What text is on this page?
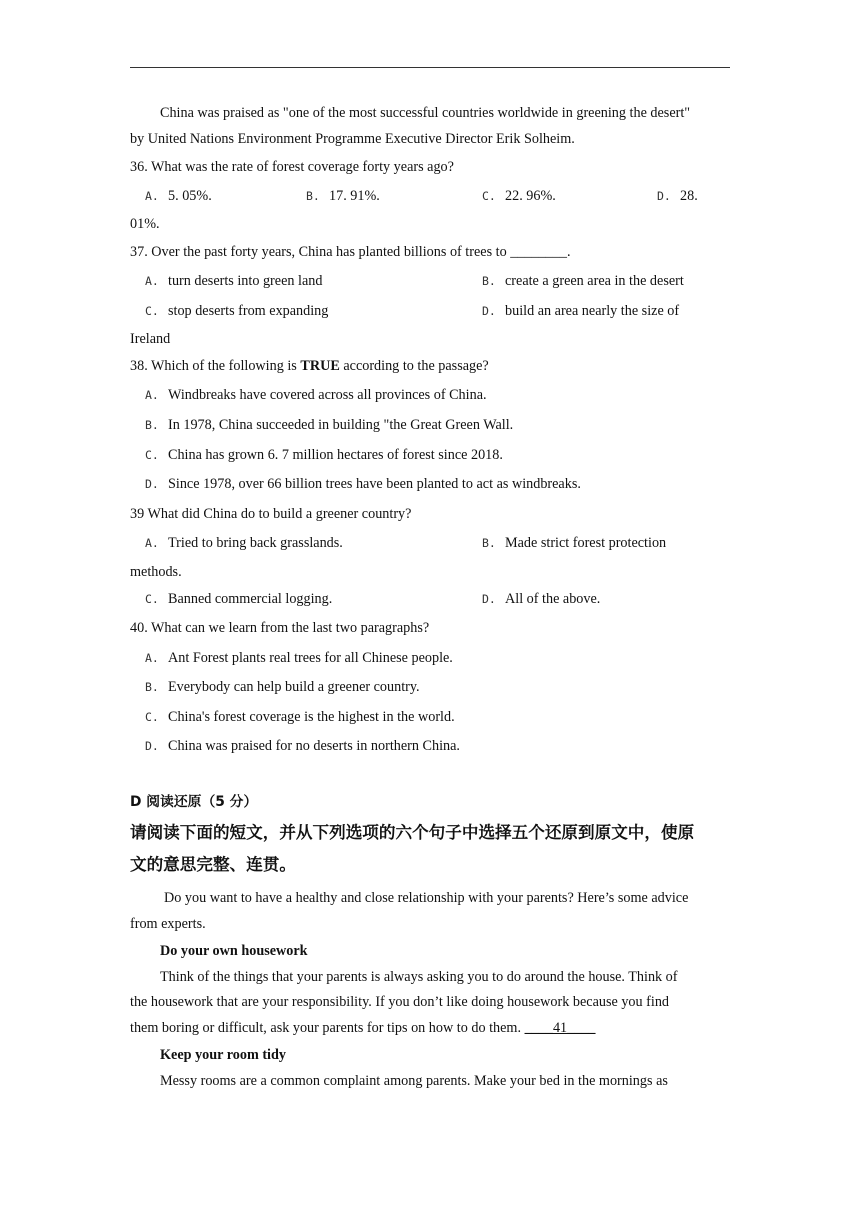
China was praised as "one of the most successful countries worldwide in greening the desert"
by United Nations Environment Programme Executive Director Erik Solheim.
36. What was the rate of forest coverage forty years ago?
A. 5. 05%.	B. 17. 91%.	C. 22. 96%.	D. 28.
01%.
37. Over the past forty years, China has planted billions of trees to ________.
A. turn deserts into green land	B. create a green area in the desert
C. stop deserts from expanding	D. build an area nearly the size of
Ireland
38. Which of the following is TRUE according to the passage?
A. Windbreaks have covered across all provinces of China.
B. In 1978, China succeeded in building "the Great Green Wall.
C. China has grown 6. 7 million hectares of forest since 2018.
D. Since 1978, over 66 billion trees have been planted to act as windbreaks.
39 What did China do to build a greener country?
A. Tried to bring back grasslands.	B. Made strict forest protection
methods.
C. Banned commercial logging.	D. All of the above.
40. What can we learn from the last two paragraphs?
A. Ant Forest plants real trees for all Chinese people.
B. Everybody can help build a greener country.
C. China's forest coverage is the highest in the world.
D. China was praised for no deserts in northern China.
D 阅读还原（5 分）
请阅读下面的短文，并从下列选项的六个句子中选择五个还原到原文中，使原
文的意思完整、连贯。
Do you want to have a healthy and close relationship with your parents? Here’s some advice
from experts.
Do your own housework
Think of the things that your parents is always asking you to do around the house. Think of
the housework that are your responsibility. If you don’t like doing housework because you find
them boring or difficult, ask your parents for tips on how to do them. ____41____
Keep your room tidy
Messy rooms are a common complaint among parents. Make your bed in the mornings as
